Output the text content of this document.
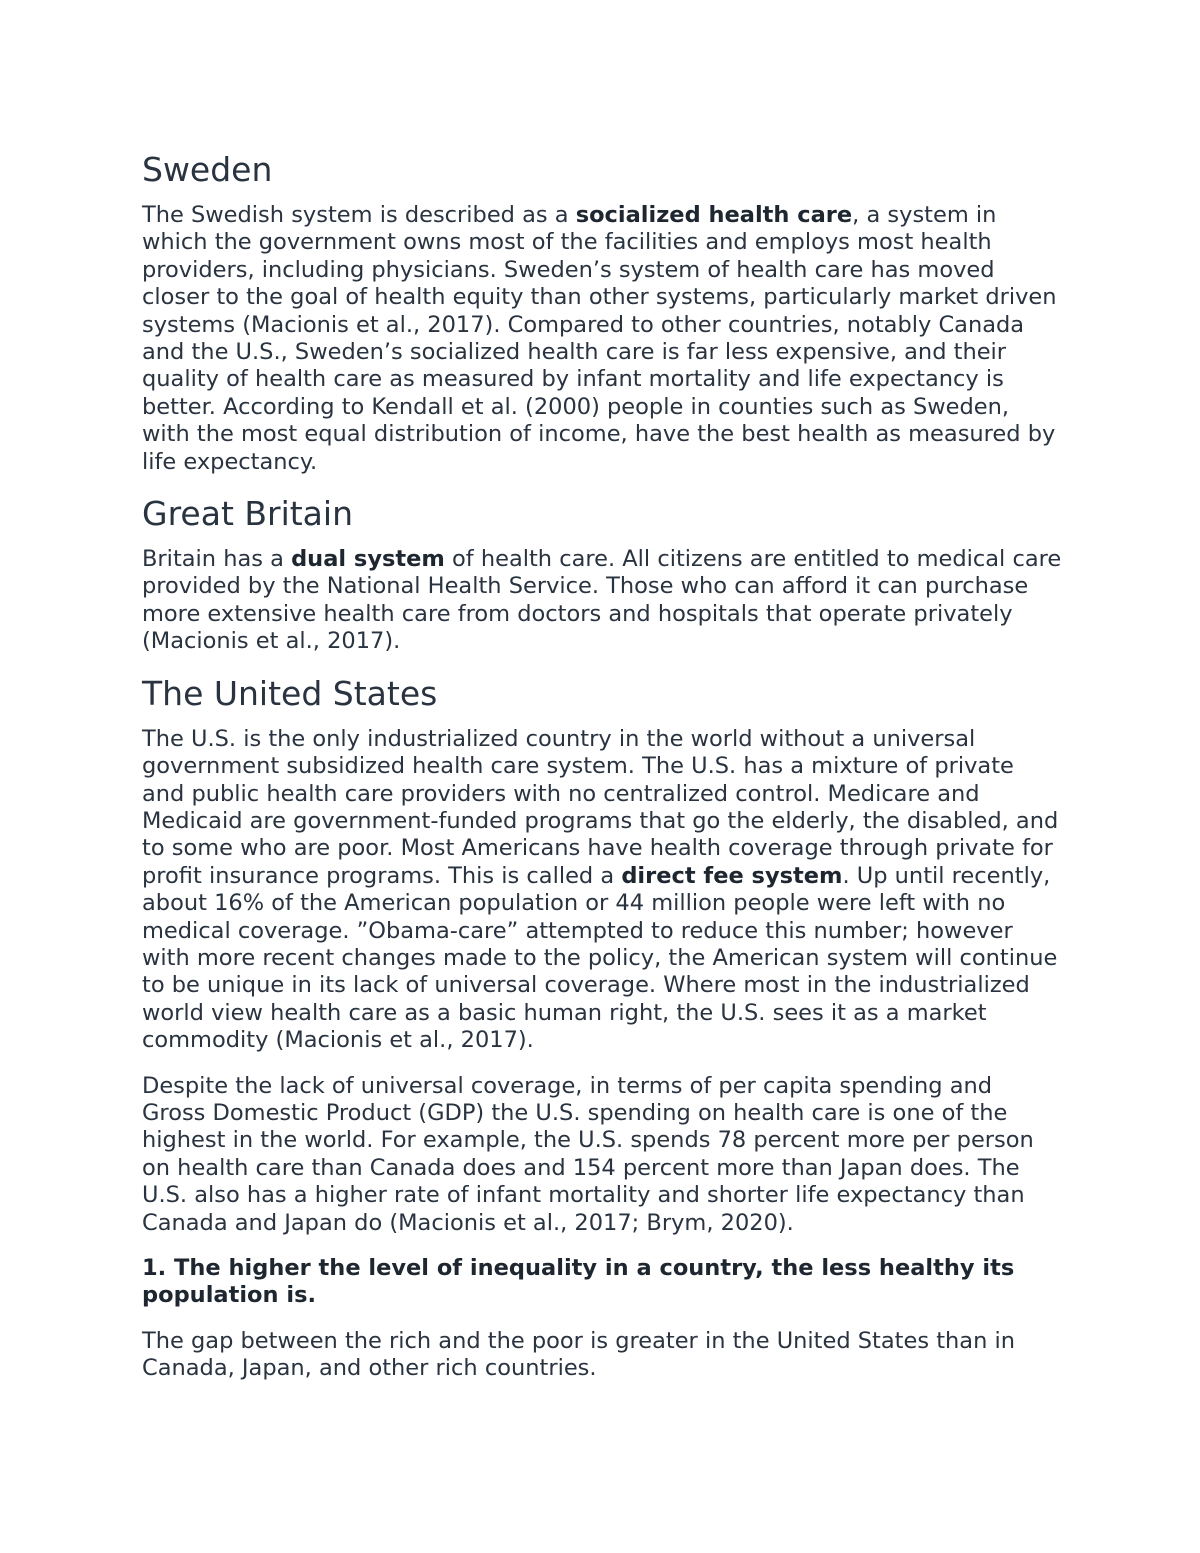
Sweden

The Swedish system is described as a socialized health care, a system in which the government owns most of the facilities and employs most health providers, including physicians. Sweden’s system of health care has moved closer to the goal of health equity than other systems, particularly market driven systems (Macionis et al., 2017). Compared to other countries, notably Canada and the U.S., Sweden’s socialized health care is far less expensive, and their quality of health care as measured by infant mortality and life expectancy is better. According to Kendall et al. (2000) people in counties such as Sweden, with the most equal distribution of income, have the best health as measured by life expectancy.

Great Britain

Britain has a dual system of health care. All citizens are entitled to medical care provided by the National Health Service. Those who can afford it can purchase more extensive health care from doctors and hospitals that operate privately (Macionis et al., 2017).

The United States

The U.S. is the only industrialized country in the world without a universal government subsidized health care system. The U.S. has a mixture of private and public health care providers with no centralized control. Medicare and Medicaid are government-funded programs that go the elderly, the disabled, and to some who are poor. Most Americans have health coverage through private for profit insurance programs. This is called a direct fee system. Up until recently, about 16% of the American population or 44 million people were left with no medical coverage. ”Obama-care” attempted to reduce this number; however with more recent changes made to the policy, the American system will continue to be unique in its lack of universal coverage. Where most in the industrialized world view health care as a basic human right, the U.S. sees it as a market commodity (Macionis et al., 2017).

Despite the lack of universal coverage, in terms of per capita spending and Gross Domestic Product (GDP) the U.S. spending on health care is one of the highest in the world. For example, the U.S. spends 78 percent more per person on health care than Canada does and 154 percent more than Japan does. The U.S. also has a higher rate of infant mortality and shorter life expectancy than Canada and Japan do (Macionis et al., 2017; Brym, 2020).

1. The higher the level of inequality in a country, the less healthy its population is.

The gap between the rich and the poor is greater in the United States than in Canada, Japan, and other rich countries.
